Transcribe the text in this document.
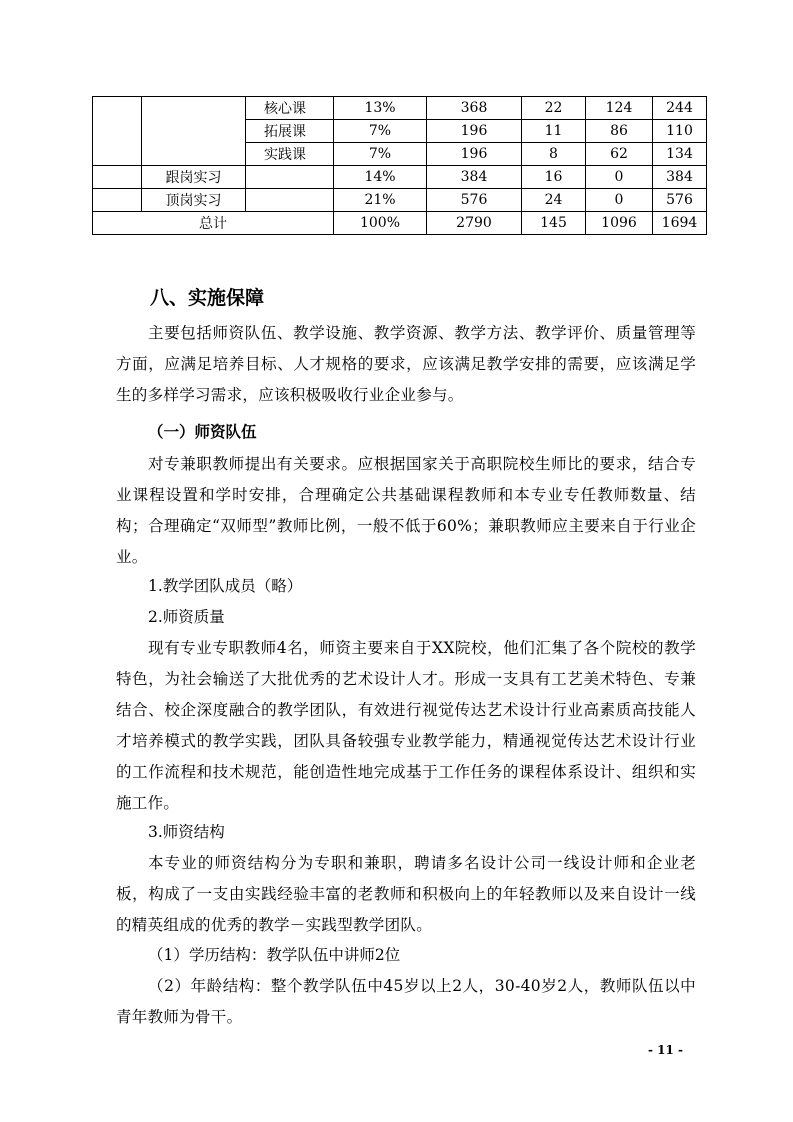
		核心课	13%	368	22	124	244
		拓展课	7%	196	11	86	110
		实践课	7%	196	8	62	134
	跟岗实习		14%	384	16	0	384
	顶岗实习		21%	576	24	0	576
总计			100%	2790	145	1096	1694
八、实施保障

主要包括师资队伍、教学设施、教学资源、教学方法、教学评价、质量管理等方面，应满足培养目标、人才规格的要求，应该满足教学安排的需要，应该满足学生的多样学习需求，应该积极吸收行业企业参与。

（一）师资队伍

对专兼职教师提出有关要求。应根据国家关于高职院校生师比的要求，结合专业课程设置和学时安排，合理确定公共基础课程教师和本专业专任教师数量、结构；合理确定“双师型”教师比例，一般不低于60%；兼职教师应主要来自于行业企业。

1.教学团队成员（略）

2.师资质量

现有专业专职教师4名，师资主要来自于XX院校，他们汇集了各个院校的教学特色，为社会输送了大批优秀的艺术设计人才。形成一支具有工艺美术特色、专兼结合、校企深度融合的教学团队，有效进行视觉传达艺术设计行业高素质高技能人才培养模式的教学实践，团队具备较强专业教学能力，精通视觉传达艺术设计行业的工作流程和技术规范，能创造性地完成基于工作任务的课程体系设计、组织和实施工作。

3.师资结构

本专业的师资结构分为专职和兼职，聘请多名设计公司一线设计师和企业老板，构成了一支由实践经验丰富的老教师和积极向上的年轻教师以及来自设计一线的精英组成的优秀的教学－实践型教学团队。

（1）学历结构：教学队伍中讲师2位

（2）年龄结构：整个教学队伍中45岁以上2人，30-40岁2人，教师队伍以中青年教师为骨干。

- 11 -
